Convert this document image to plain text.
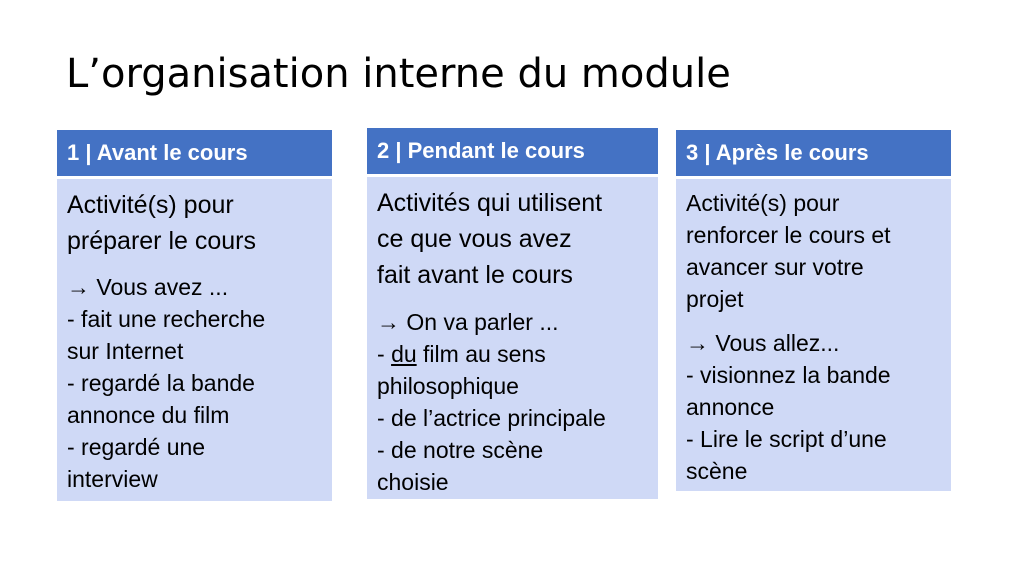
L’organisation interne du module
1 | Avant le cours

Activité(s) pour

préparer le cours

→ Vous avez ...

- fait une recherche

sur Internet

- regardé la bande

annonce du film

- regardé une

interview

2 | Pendant le cours

Activités qui utilisent

ce que vous avez

fait avant le cours

→ On va parler ...

- du film au sens

philosophique

- de l’actrice principale

- de notre scène

choisie

3 | Après le cours

Activité(s) pour

renforcer le cours et

avancer sur votre

projet

→ Vous allez...

- visionnez la bande

annonce

- Lire le script d’une

scène
